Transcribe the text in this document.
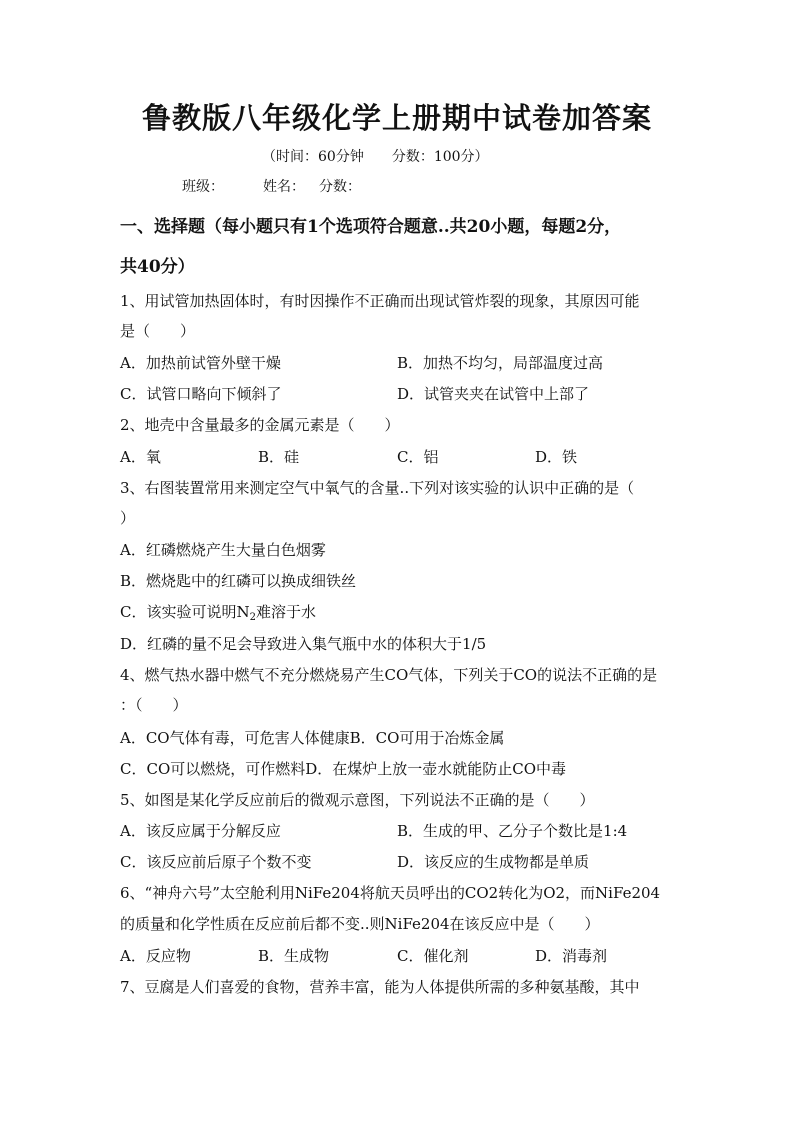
鲁教版八年级化学上册期中试卷加答案
（时间：60分钟　　分数：100分）
班级：	姓名： 分数：
一、选择题（每小题只有1个选项符合题意..共20小题，每题2分，
共40分）
1、用试管加热固体时，有时因操作不正确而出现试管炸裂的现象，其原因可能
是（　　）
A．加热前试管外壁干燥	B．加热不均匀，局部温度过高
C．试管口略向下倾斜了	D．试管夹夹在试管中上部了
2、地壳中含量最多的金属元素是（　　）
A．氧	B．硅	C．铝	D．铁
3、右图装置常用来测定空气中氧气的含量..下列对该实验的认识中正确的是（
）
A．红磷燃烧产生大量白色烟雾
B．燃烧匙中的红磷可以换成细铁丝
C．该实验可说明$N_2$难溶于水
D．红磷的量不足会导致进入集气瓶中水的体积大于1/5
4、燃气热水器中燃气不充分燃烧易产生CO气体，下列关于CO的说法不正确的是
：（　　）
A．CO气体有毒，可危害人体健康B．CO可用于冶炼金属
C．CO可以燃烧，可作燃料D．在煤炉上放一壶水就能防止CO中毒
5、如图是某化学反应前后的微观示意图，下列说法不正确的是（　　）
A．该反应属于分解反应	B．生成的甲、乙分子个数比是1:4
C．该反应前后原子个数不变	D．该反应的生成物都是单质
6、“神舟六号”太空舱利用NiFe204将航天员呼出的CO2转化为O2，而NiFe204
的质量和化学性质在反应前后都不变..则NiFe204在该反应中是（　　）
A．反应物	B．生成物	C．催化剂	D．消毒剂
7、豆腐是人们喜爱的食物，营养丰富，能为人体提供所需的多种氨基酸，其中
